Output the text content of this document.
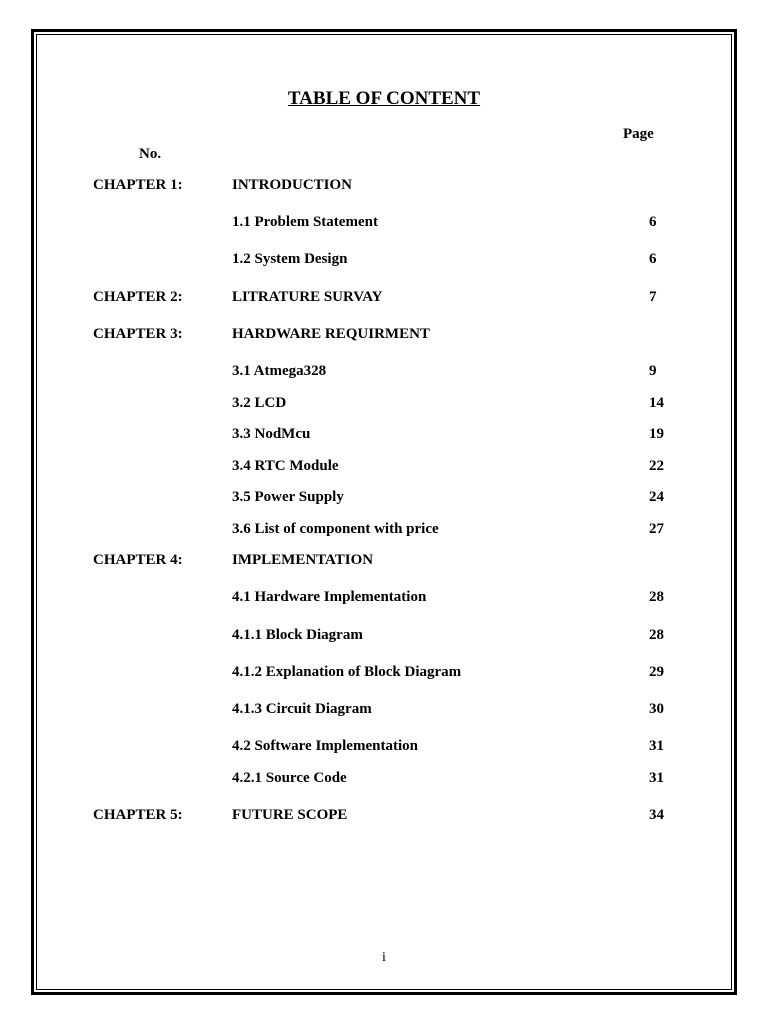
TABLE OF CONTENT
Page
No.
CHAPTER 1:	INTRODUCTION
1.1 Problem Statement	6
1.2 System Design	6
CHAPTER 2:	LITRATURE SURVAY	7
CHAPTER 3:	HARDWARE REQUIRMENT
3.1 Atmega328	9
3.2 LCD	14
3.3 NodMcu	19
3.4 RTC Module	22
3.5 Power Supply	24
3.6 List of component with price	27
CHAPTER 4:	IMPLEMENTATION
4.1 Hardware Implementation	28
4.1.1 Block Diagram	28
4.1.2 Explanation of Block Diagram	29
4.1.3 Circuit Diagram	30
4.2 Software Implementation	31
4.2.1 Source Code	31
CHAPTER 5:	FUTURE SCOPE	34
i
